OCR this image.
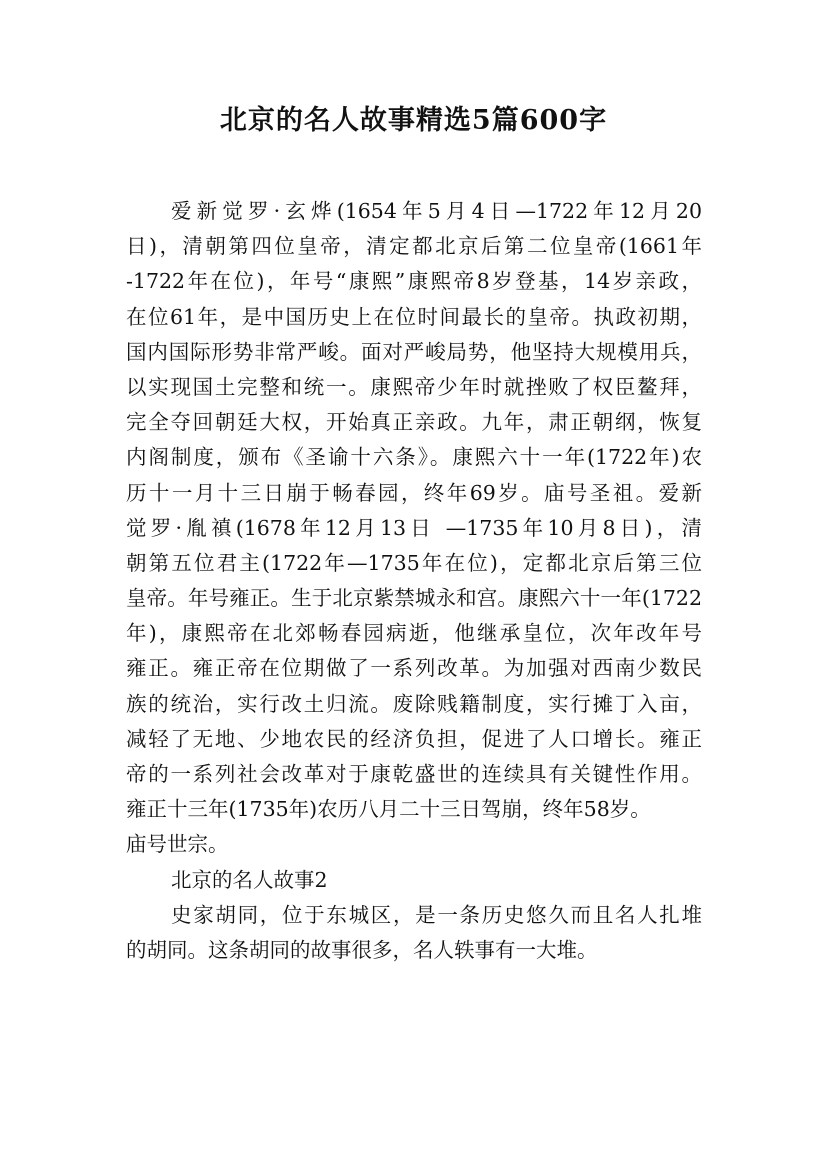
北京的名人故事精选5篇600字
爱新觉罗·玄烨(1654年5月4日—1722年12月20
日)，清朝第四位皇帝，清定都北京后第二位皇帝(1661年
-1722年在位)，年号“康熙”康熙帝8岁登基，14岁亲政，
在位61年，是中国历史上在位时间最长的皇帝。执政初期，
国内国际形势非常严峻。面对严峻局势，他坚持大规模用兵，
以实现国土完整和统一。康熙帝少年时就挫败了权臣鳌拜，
完全夺回朝廷大权，开始真正亲政。九年，肃正朝纲，恢复
内阁制度，颁布《圣谕十六条》。康熙六十一年(1722年)农
历十一月十三日崩于畅春园，终年69岁。庙号圣祖。爱新
觉罗·胤禛(1678年12月13日 —1735年10月8日)，清
朝第五位君主(1722年—1735年在位)，定都北京后第三位
皇帝。年号雍正。生于北京紫禁城永和宫。康熙六十一年(1722
年)，康熙帝在北郊畅春园病逝，他继承皇位，次年改年号
雍正。雍正帝在位期做了一系列改革。为加强对西南少数民
族的统治，实行改土归流。废除贱籍制度，实行摊丁入亩，
减轻了无地、少地农民的经济负担，促进了人口增长。雍正
帝的一系列社会改革对于康乾盛世的连续具有关键性作用。
雍正十三年(1735年)农历八月二十三日驾崩，终年58岁。
庙号世宗。
北京的名人故事2
史家胡同，位于东城区，是一条历史悠久而且名人扎堆
的胡同。这条胡同的故事很多，名人轶事有一大堆。
